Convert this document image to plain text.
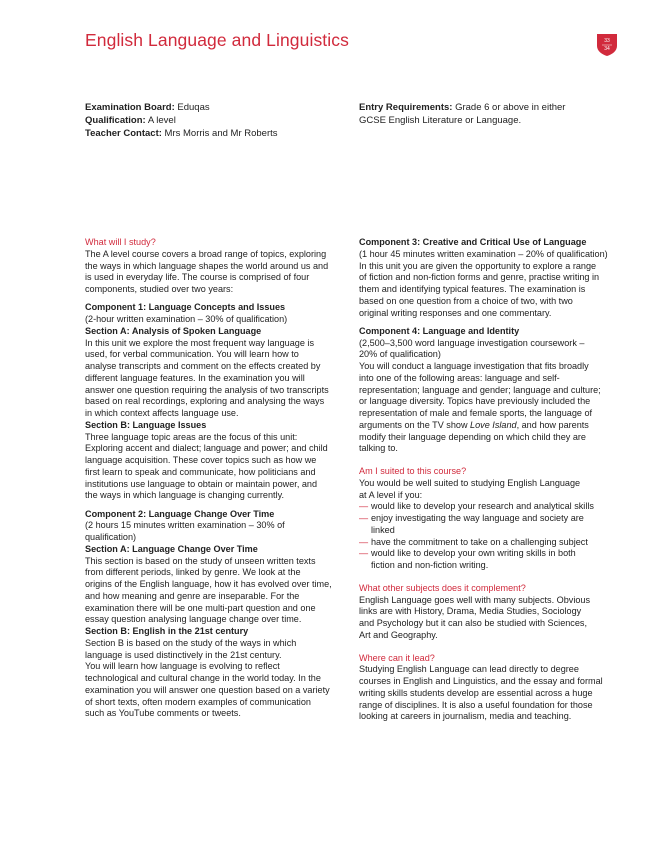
English Language and Linguistics	33
34
Examination Board: Eduqas
Qualification: A level
Teacher Contact: Mrs Morris and Mr Roberts
Entry Requirements: Grade 6 or above in either
GCSE English Literature or Language.

What will I study?

The A level course covers a broad range of topics, exploring

the ways in which language shapes the world around us and

is used in everyday life. The course is comprised of four

components, studied over two years:

Component 1: Language Concepts and Issues

(2-hour written examination – 30% of qualification)

Section A: Analysis of Spoken Language

In this unit we explore the most frequent way language is

used, for verbal communication. You will learn how to

analyse transcripts and comment on the effects created by

different language features. In the examination you will

answer one question requiring the analysis of two transcripts

based on real recordings, exploring and analysing the ways

in which context affects language use.

Section B: Language Issues

Three language topic areas are the focus of this unit:

Exploring accent and dialect; language and power; and child

language acquisition. These cover topics such as how we

first learn to speak and communicate, how politicians and

institutions use language to obtain or maintain power, and

the ways in which language is changing currently.

Component 2: Language Change Over Time

(2 hours 15 minutes written examination – 30% of

qualification)

Section A: Language Change Over Time

This section is based on the study of unseen written texts

from different periods, linked by genre. We look at the

origins of the English language, how it has evolved over time,

and how meaning and genre are inseparable. For the

examination there will be one multi-part question and one

essay question analysing language change over time.

Section B: English in the 21st century

Section B is based on the study of the ways in which

language is used distinctively in the 21st century.

You will learn how language is evolving to reflect

technological and cultural change in the world today. In the

examination you will answer one question based on a variety

of short texts, often modern examples of communication

such as YouTube comments or tweets.

Component 3: Creative and Critical Use of Language

(1 hour 45 minutes written examination – 20% of qualification)

In this unit you are given the opportunity to explore a range

of fiction and non-fiction forms and genre, practise writing in

them and identifying typical features. The examination is

based on one question from a choice of two, with two

original writing responses and one commentary.

Component 4: Language and Identity

(2,500–3,500 word language investigation coursework –

20% of qualification)

You will conduct a language investigation that fits broadly

into one of the following areas: language and self-

representation; language and gender; language and culture;

or language diversity. Topics have previously included the

representation of male and female sports, the language of

arguments on the TV show Love Island, and how parents

modify their language depending on which child they are

talking to.

Am I suited to this course?

You would be well suited to studying English Language

at A level if you:

— would like to develop your research and analytical skills
— enjoy investigating the way language and society are
linked
— have the commitment to take on a challenging subject
— would like to develop your own writing skills in both
fiction and non-fiction writing.

What other subjects does it complement?

English Language goes well with many subjects. Obvious

links are with History, Drama, Media Studies, Sociology

and Psychology but it can also be studied with Sciences,

Art and Geography.

Where can it lead?

Studying English Language can lead directly to degree

courses in English and Linguistics, and the essay and formal

writing skills students develop are essential across a huge

range of disciplines. It is also a useful foundation for those

looking at careers in journalism, media and teaching.
